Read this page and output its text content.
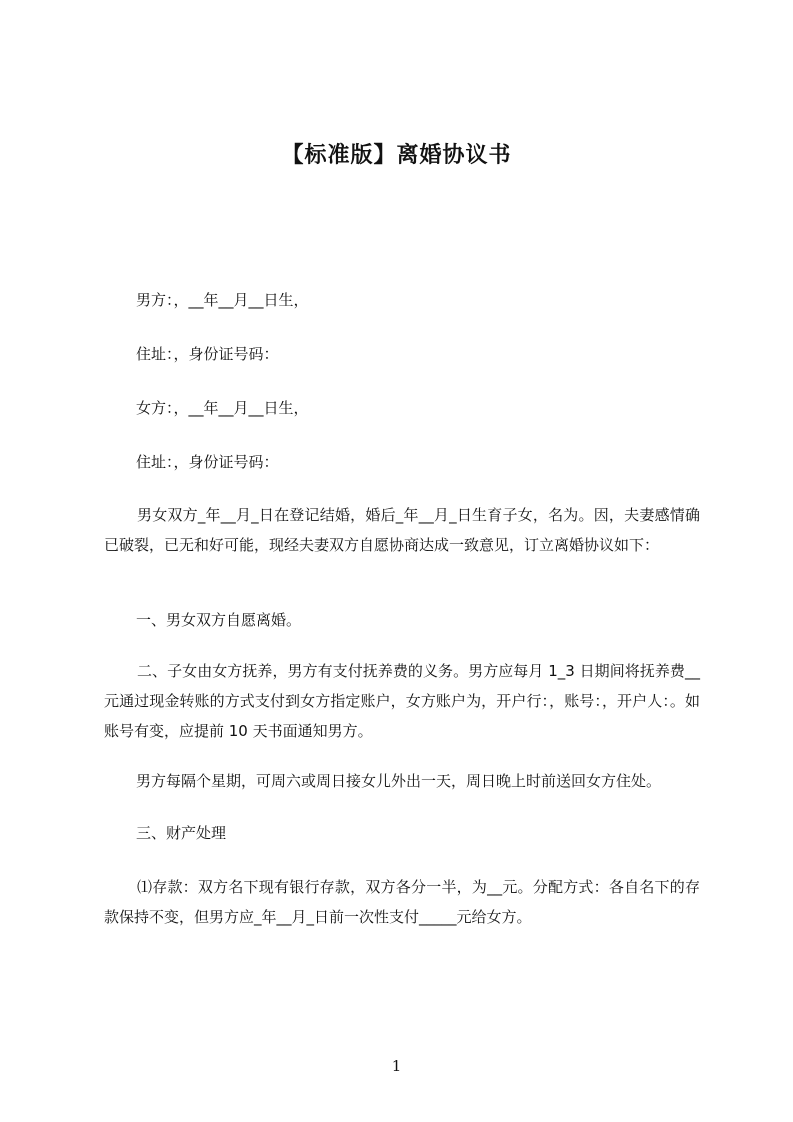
【标准版】离婚协议书
男方：，__年__月__日生，
住址：，身份证号码：
女方：，__年__月__日生，
住址：，身份证号码：
男女双方_年__月_日在登记结婚，婚后_年__月_日生育子女，名为。因，夫妻感情确已破裂，已无和好可能，现经夫妻双方自愿协商达成一致意见，订立离婚协议如下：
一、男女双方自愿离婚。
二、子女由女方抚养，男方有支付抚养费的义务。男方应每月 1_3 日期间将抚养费__元通过现金转账的方式支付到女方指定账户，女方账户为，开户行：，账号：，开户人：。如账号有变，应提前 10 天书面通知男方。
男方每隔个星期，可周六或周日接女儿外出一天，周日晚上时前送回女方住处。
三、财产处理
⑴存款：双方名下现有银行存款，双方各分一半，为__元。分配方式：各自名下的存款保持不变，但男方应_年__月_日前一次性支付_____元给女方。
1
